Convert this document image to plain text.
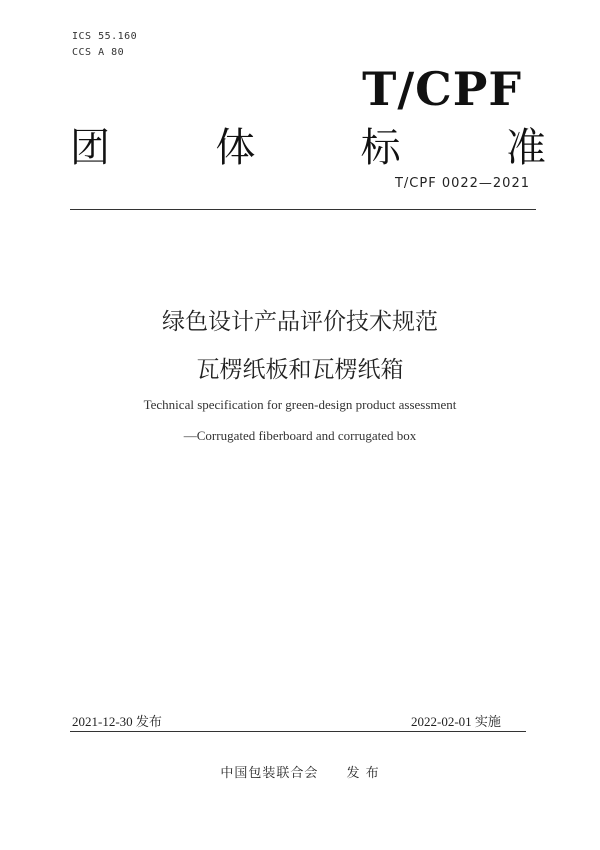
ICS 55.160
CCS A 80
T/CPF
团	体	标	准
T/CPF 0022—2021
绿色设计产品评价技术规范
瓦楞纸板和瓦楞纸箱
Technical specification for green-design product assessment
—Corrugated fiberboard and corrugated box
2021-12-30 发布	2022-02-01 实施
中国包装联合会 发 布
